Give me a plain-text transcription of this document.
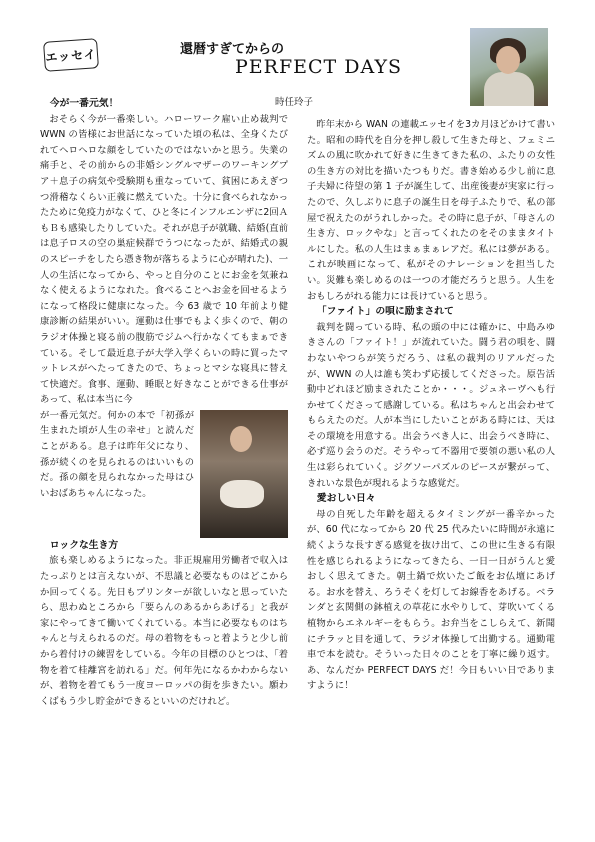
エッセイ	還暦すぎてからの
PERFECT DAYS
時任玲子

今が一番元気！

おそらく今が一番楽しい。ハローワーク雇い止め裁判で WWN の皆様にお世話になっていた頃の私は、全身くたびれてヘロヘロな顔をしていたのではないかと思う。失業の痛手と、その前からの非婚シングルマザーのワーキングプア＋息子の病気や受験期も重なっていて、貧困にあえぎつつ滑稽なくらい正義に燃えていた。十分に食べられなかったために免疫力がなくて、ひと冬にインフルエンザに2回ＡもＢも感染したりしていた。それが息子が就職、結婚(直前は息子ロスの空の巣症候群でうつになったが、結婚式の親のスピーチをしたら憑き物が落ちるように心が晴れた)、一人の生活になってから、やっと自分のことにお金を気兼ねなく使えるようになれた。食べることへお金を回せるようになって格段に健康になった。今 63 歳で 10 年前より健康診断の結果がいい。運動は仕事でもよく歩くので、朝のラジオ体操と寝る前の腹筋でジムへ行かなくてもまぁできている。そして最近息子が大学入学くらいの時に買ったマットレスがへたってきたので、ちょっとマシな寝具に替えて快適だ。食事、運動、睡眠と好きなことができる仕事があって、私は本当に今

が一番元気だ。何かの本で「初孫が生まれた頃が人生の幸せ」と読んだことがある。息子は昨年父になり、孫が続くのを見られるのはいいものだ。孫の顔を見られなかった母はひいおばあちゃんになった。

ロックな生き方

旅も楽しめるようになった。非正規雇用労働者で収入はたっぷりとは言えないが、不思議と必要なものはどこからか回ってくる。先日もプリンターが欲しいなと思っていたら、思わぬところから「要らんのあるからあげる」と我が家にやってきて働いてくれている。本当に必要なものはちゃんと与えられるのだ。母の着物をもっと着ようと少し前から着付けの練習をしている。今年の目標のひとつは、「着物を着て桂離宮を訪れる」だ。何年先になるかわからないが、着物を着てもう一度ヨーロッパの街を歩きたい。願わくばもう少し貯金ができるといいのだけれど。

昨年末から WAN の連載エッセイを3カ月ほどかけて書いた。昭和の時代を自分を押し殺して生きた母と、フェミニズムの風に吹かれて好きに生きてきた私の、ふたりの女性の生き方の対比を描いたつもりだ。書き始める少し前に息子夫婦に待望の第 1 子が誕生して、出産後妻が実家に行ったので、久しぶりに息子の誕生日を母子ふたりで、私の部屋で祝えたのがうれしかった。その時に息子が、「母さんの生き方、ロックやな」と言ってくれたのをそのままタイトルにした。私の人生はまぁまぁレアだ。私には夢がある。これが映画になって、私がそのナレーションを担当したい。災難も楽しめるのは一つの才能だろうと思う。人生をおもしろがれる能力には長けていると思う。

「ファイト」の唄に励まされて

裁判を闘っている時、私の頭の中には確かに、中島みゆきさんの「ファイト！」が流れていた。闘う君の唄を、闘わないやつらが笑うだろう、は私の裁判のリアルだったが、WWN の人は誰も笑わず応援してくださった。原告活動中どれほど励まされたことか・・・。ジュネーヴへも行かせてくださって感謝している。私はちゃんと出会わせてもらえたのだ。人が本当にしたいことがある時には、天はその環境を用意する。出会うべき人に、出会うべき時に、必ず巡り会うのだ。そうやって不器用で要領の悪い私の人生は彩られていく。ジグソーパズルのピースが繋がって、きれいな景色が現れるような感覚だ。

愛おしい日々

母の自死した年齢を超えるタイミングが一番辛かったが、60 代になってから 20 代 25 代みたいに時間が永遠に続くような長すぎる感覚を抜け出て、この世に生きる有限性を感じられるようになってきたら、一日一日がうんと愛おしく思えてきた。朝土鍋で炊いたご飯をお仏壇にあげる。お水を替え、ろうそくを灯してお線香をあげる。ベランダと玄関側の鉢植えの草花に水やりして、芽吹いてくる植物からエネルギーをもらう。お弁当をこしらえて、新聞にチラッと目を通して、ラジオ体操して出勤する。通勤電車で本を読む。そういった日々のことを丁寧に繰り返す。あ、なんだか PERFECT DAYS だ！今日もいい日でありますように！
